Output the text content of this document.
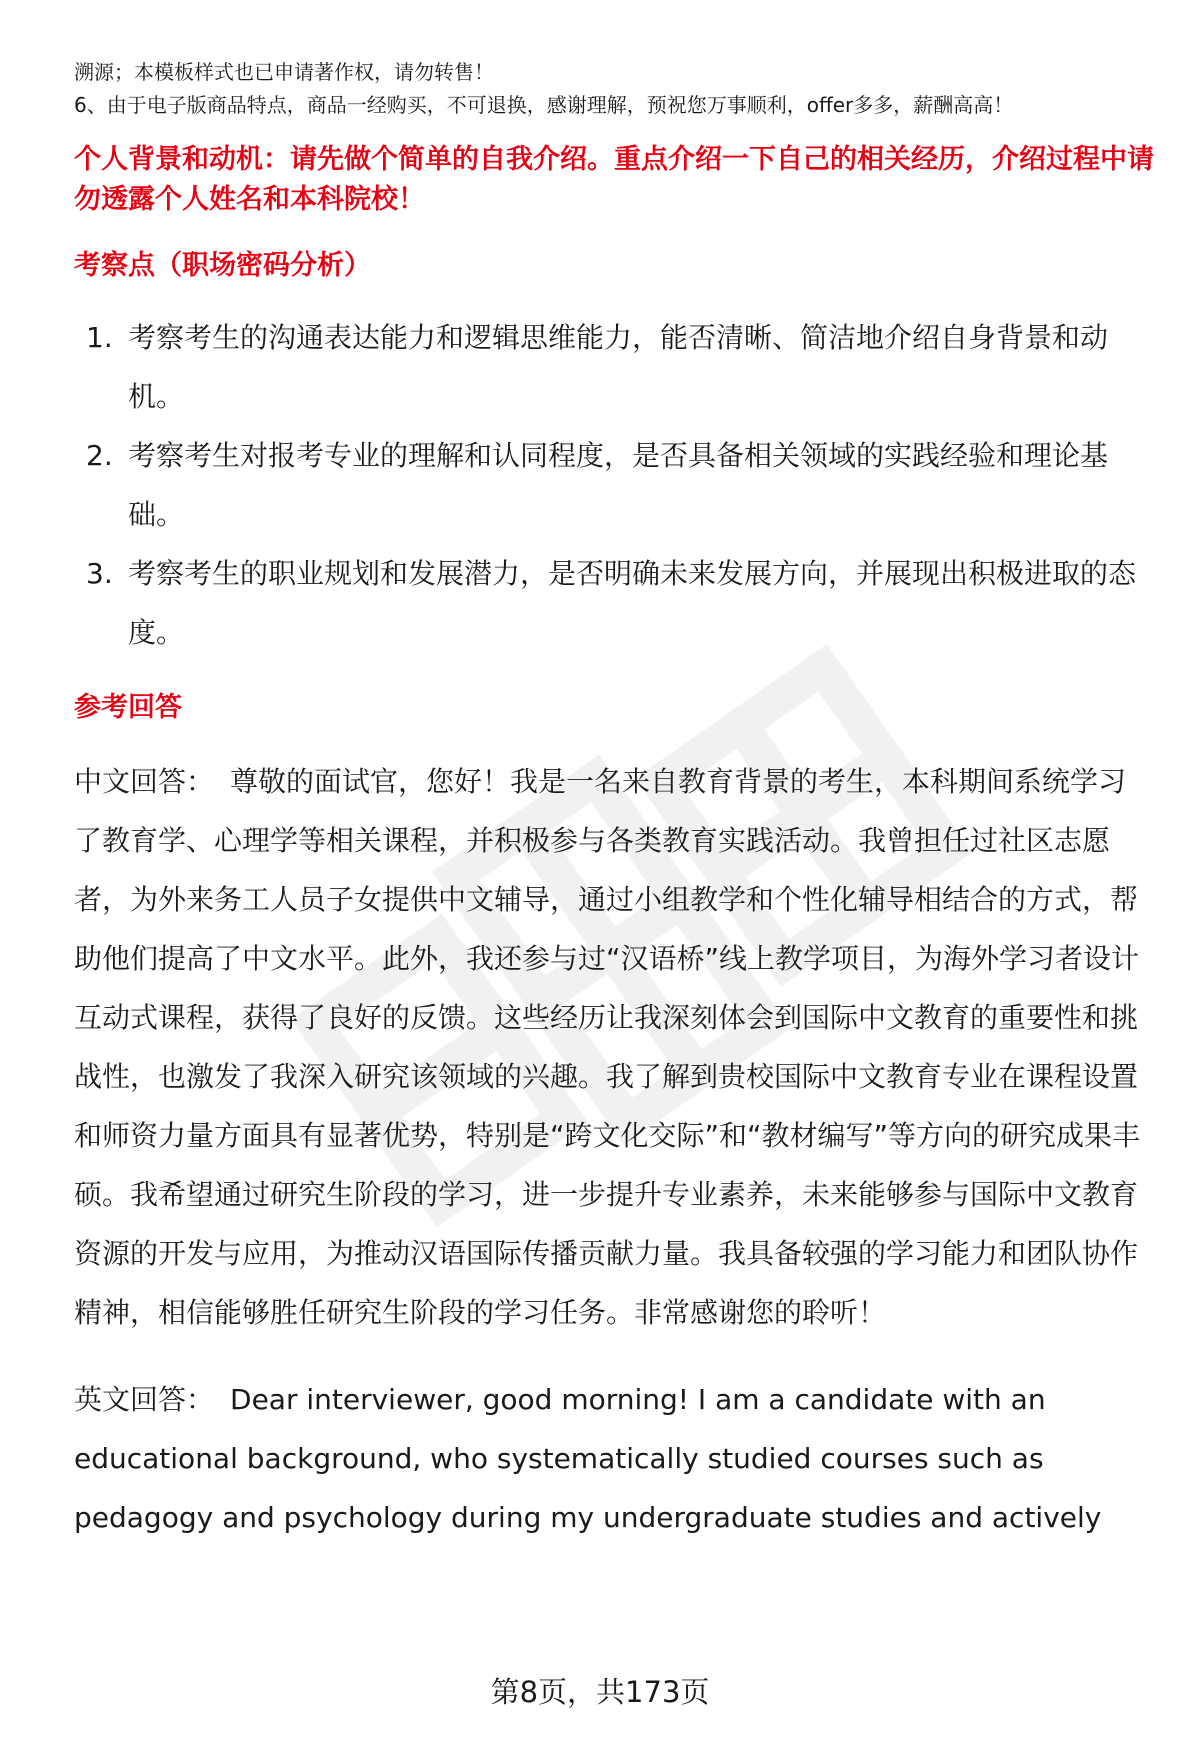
溯源；本模板样式也已申请著作权，请勿转售！

6、由于电子版商品特点，商品一经购买，不可退换，感谢理解，预祝您万事顺利，offer多多，薪酬高高！

个人背景和动机：请先做个简单的自我介绍。重点介绍一下自己的相关经历，介绍过程中请勿透露个人姓名和本科院校！

考察点（职场密码分析）

1. 考察考生的沟通表达能力和逻辑思维能力，能否清晰、简洁地介绍自身背景和动机。
2. 考察考生对报考专业的理解和认同程度，是否具备相关领域的实践经验和理论基础。
3. 考察考生的职业规划和发展潜力，是否明确未来发展方向，并展现出积极进取的态度。

参考回答

中文回答： 尊敬的面试官，您好！我是一名来自教育背景的考生，本科期间系统学习了教育学、心理学等相关课程，并积极参与各类教育实践活动。我曾担任过社区志愿者，为外来务工人员子女提供中文辅导，通过小组教学和个性化辅导相结合的方式，帮助他们提高了中文水平。此外，我还参与过“汉语桥”线上教学项目，为海外学习者设计互动式课程，获得了良好的反馈。这些经历让我深刻体会到国际中文教育的重要性和挑战性，也激发了我深入研究该领域的兴趣。我了解到贵校国际中文教育专业在课程设置和师资力量方面具有显著优势，特别是“跨文化交际”和“教材编写”等方向的研究成果丰硕。我希望通过研究生阶段的学习，进一步提升专业素养，未来能够参与国际中文教育资源的开发与应用，为推动汉语国际传播贡献力量。我具备较强的学习能力和团队协作精神，相信能够胜任研究生阶段的学习任务。非常感谢您的聆听！

英文回答： Dear interviewer, good morning! I am a candidate with an educational background, who systematically studied courses such as pedagogy and psychology during my undergraduate studies and actively

第8页，共173页
